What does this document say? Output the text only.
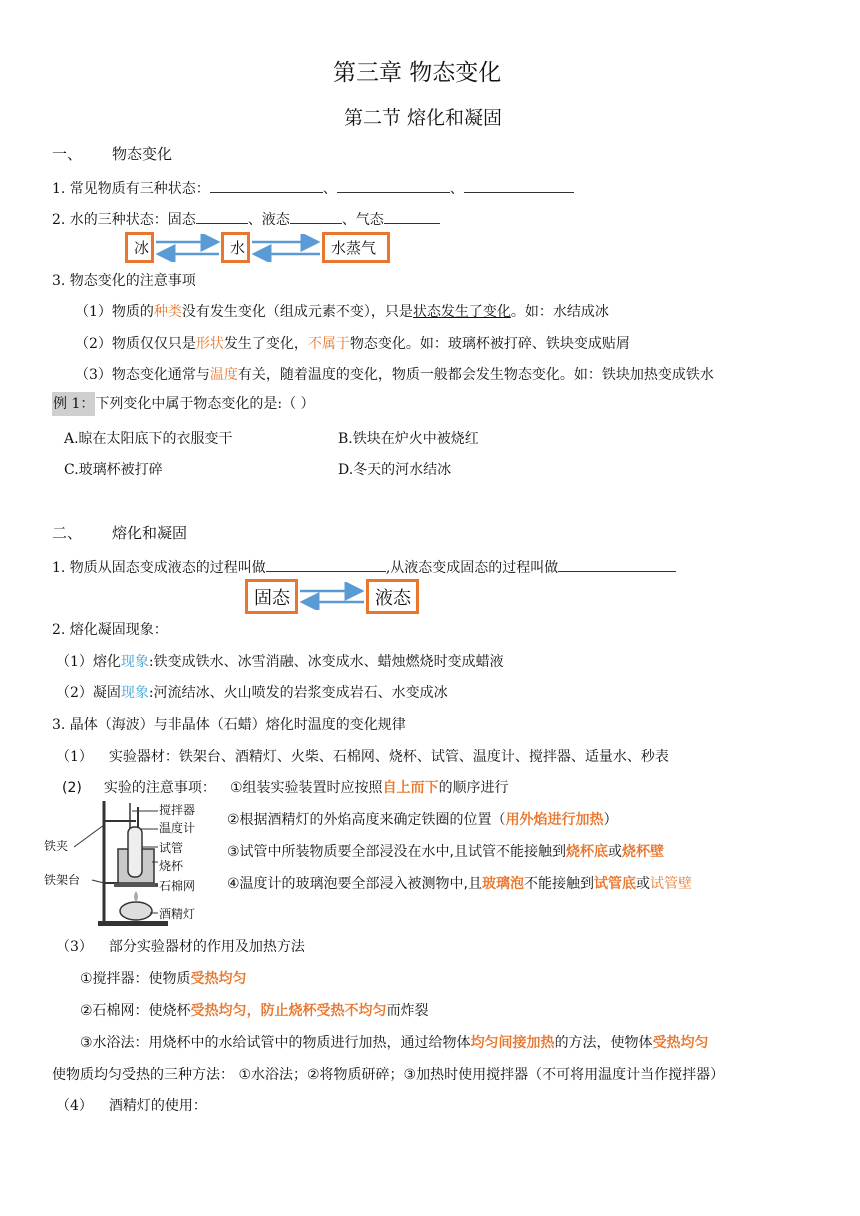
第三章 物态变化
第二节 熔化和凝固
一、 物态变化
1. 常见物质有三种状态：	、	、
2. 水的三种状态：固态	、液态	、气态
冰	水	水蒸气
3. 物态变化的注意事项
（1）物质的种类没有发生变化（组成元素不变），只是状态发生了变化。如：水结成冰
（2）物质仅仅只是形状发生了变化，不属于物态变化。如：玻璃杯被打碎、铁块变成贴屑
（3）物态变化通常与温度有关，随着温度的变化，物质一般都会发生物态变化。如：铁块加热变成铁水
例 1：下列变化中属于物态变化的是:（ ）
A.晾在太阳底下的衣服变干	B.铁块在炉火中被烧红
C.玻璃杯被打碎	D.冬天的河水结冰
二、 熔化和凝固
1. 物质从固态变成液态的过程叫做	,从液态变成固态的过程叫做
固态	液态
2. 熔化凝固现象：
（1）熔化现象:铁变成铁水、冰雪消融、冰变成水、蜡烛燃烧时变成蜡液
（2）凝固现象:河流结冰、火山喷发的岩浆变成岩石、水变成冰
3. 晶体（海波）与非晶体（石蜡）熔化时温度的变化规律
（1） 实验器材：铁架台、酒精灯、火柴、石棉网、烧杯、试管、温度计、搅拌器、适量水、秒表
(2) 实验的注意事项： ①组装实验装置时应按照自上而下的顺序进行
②根据酒精灯的外焰高度来确定铁圈的位置（用外焰进行加热）
③试管中所装物质要全部浸没在水中,且试管不能接触到烧杯底或烧杯壁
④温度计的玻璃泡要全部浸入被测物中,且玻璃泡不能接触到试管底或试管壁
搅拌器
温度计
试管
烧杯
石棉网
酒精灯
铁夹
铁架台
（3） 部分实验器材的作用及加热方法
①搅拌器：使物质受热均匀
②石棉网：使烧杯受热均匀，防止烧杯受热不均匀而炸裂
③水浴法：用烧杯中的水给试管中的物质进行加热，通过给物体均匀间接加热的方法，使物体受热均匀
使物质均匀受热的三种方法： ①水浴法；②将物质研碎；③加热时使用搅拌器（不可将用温度计当作搅拌器）
（4） 酒精灯的使用：
